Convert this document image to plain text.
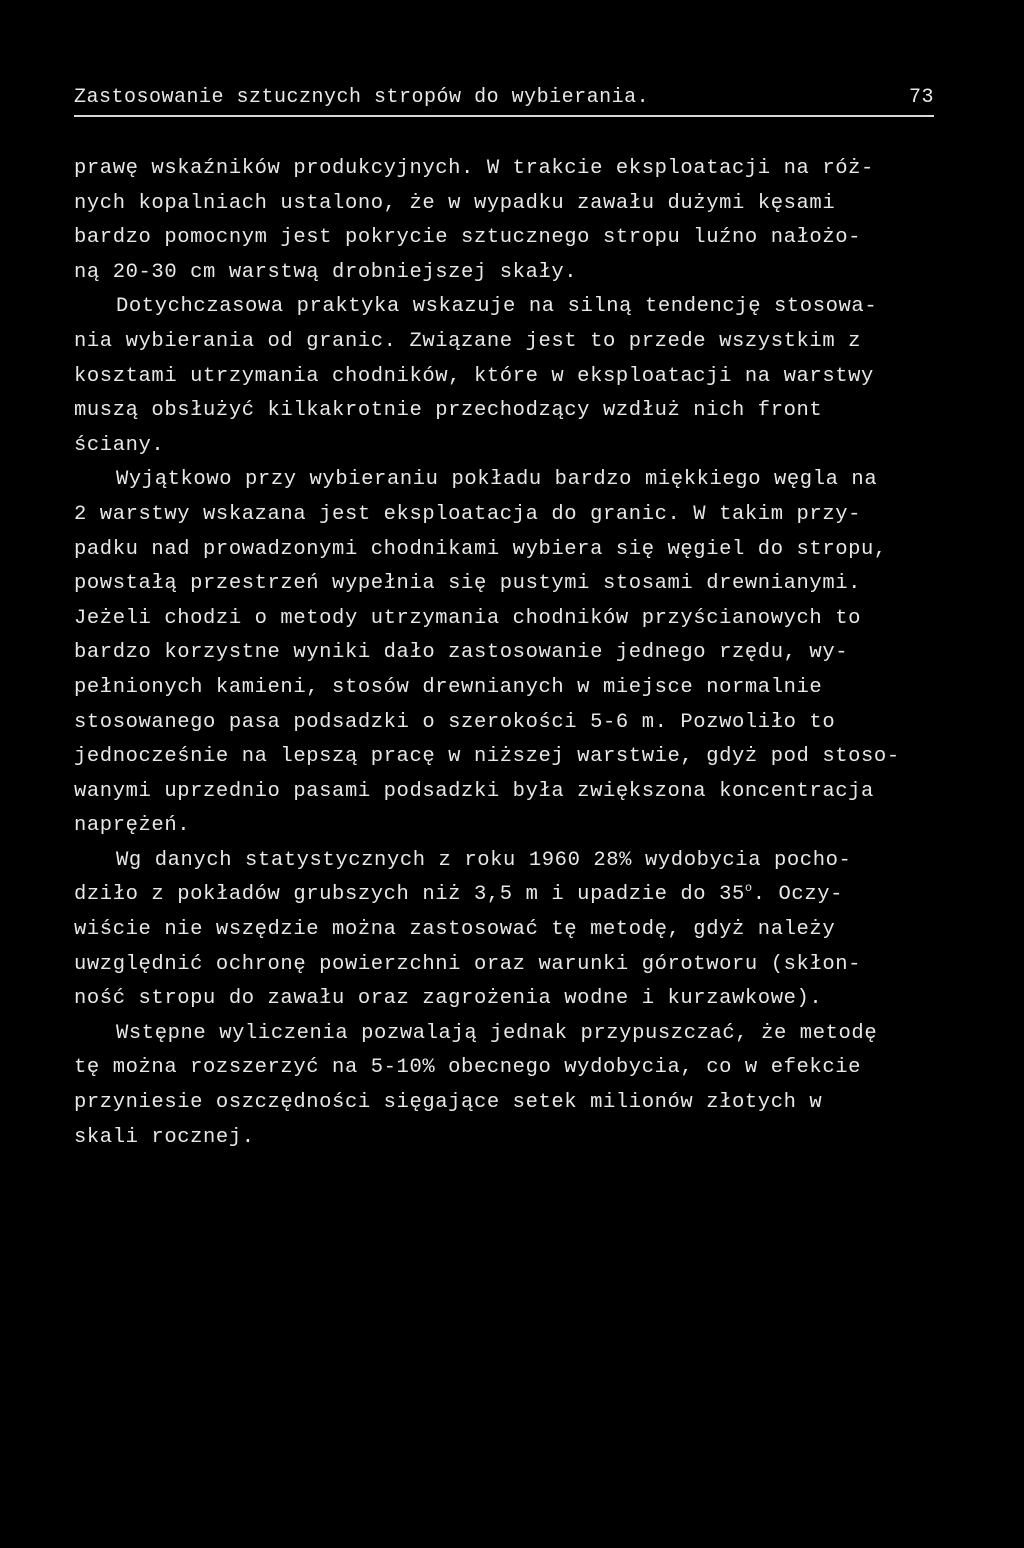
Zastosowanie sztucznych stropów do wybierania.	73
prawę wskaźników produkcyjnych. W trakcie eksploatacji na róż-
nych kopalniach ustalono, że w wypadku zawału dużymi kęsami
bardzo pomocnym jest pokrycie sztucznego stropu luźno nałożo-
ną 20-30 cm warstwą drobniejszej skały.
Dotychczasowa praktyka wskazuje na silną tendencję stosowa-
nia wybierania od granic. Związane jest to przede wszystkim z
kosztami utrzymania chodników, które w eksploatacji na warstwy
muszą obsłużyć kilkakrotnie przechodzący wzdłuż nich front
ściany.
Wyjątkowo przy wybieraniu pokładu bardzo miękkiego węgla na
2 warstwy wskazana jest eksploatacja do granic. W takim przy-
padku nad prowadzonymi chodnikami wybiera się węgiel do stropu,
powstałą przestrzeń wypełnia się pustymi stosami drewnianymi.
Jeżeli chodzi o metody utrzymania chodników przyścianowych to
bardzo korzystne wyniki dało zastosowanie jednego rzędu, wy-
pełnionych kamieni, stosów drewnianych w miejsce normalnie
stosowanego pasa podsadzki o szerokości 5-6 m. Pozwoliło to
jednocześnie na lepszą pracę w niższej warstwie, gdyż pod stoso-
wanymi uprzednio pasami podsadzki była zwiększona koncentracja
naprężeń.
Wg danych statystycznych z roku 1960 28% wydobycia pocho-
dziło z pokładów grubszych niż 3,5 m i upadzie do 35$^o$. Oczy-
wiście nie wszędzie można zastosować tę metodę, gdyż należy
uwzględnić ochronę powierzchni oraz warunki górotworu (skłon-
ność stropu do zawału oraz zagrożenia wodne i kurzawkowe).
Wstępne wyliczenia pozwalają jednak przypuszczać, że metodę
tę można rozszerzyć na 5-10% obecnego wydobycia, co w efekcie
przyniesie oszczędności sięgające setek milionów złotych w
skali rocznej.
